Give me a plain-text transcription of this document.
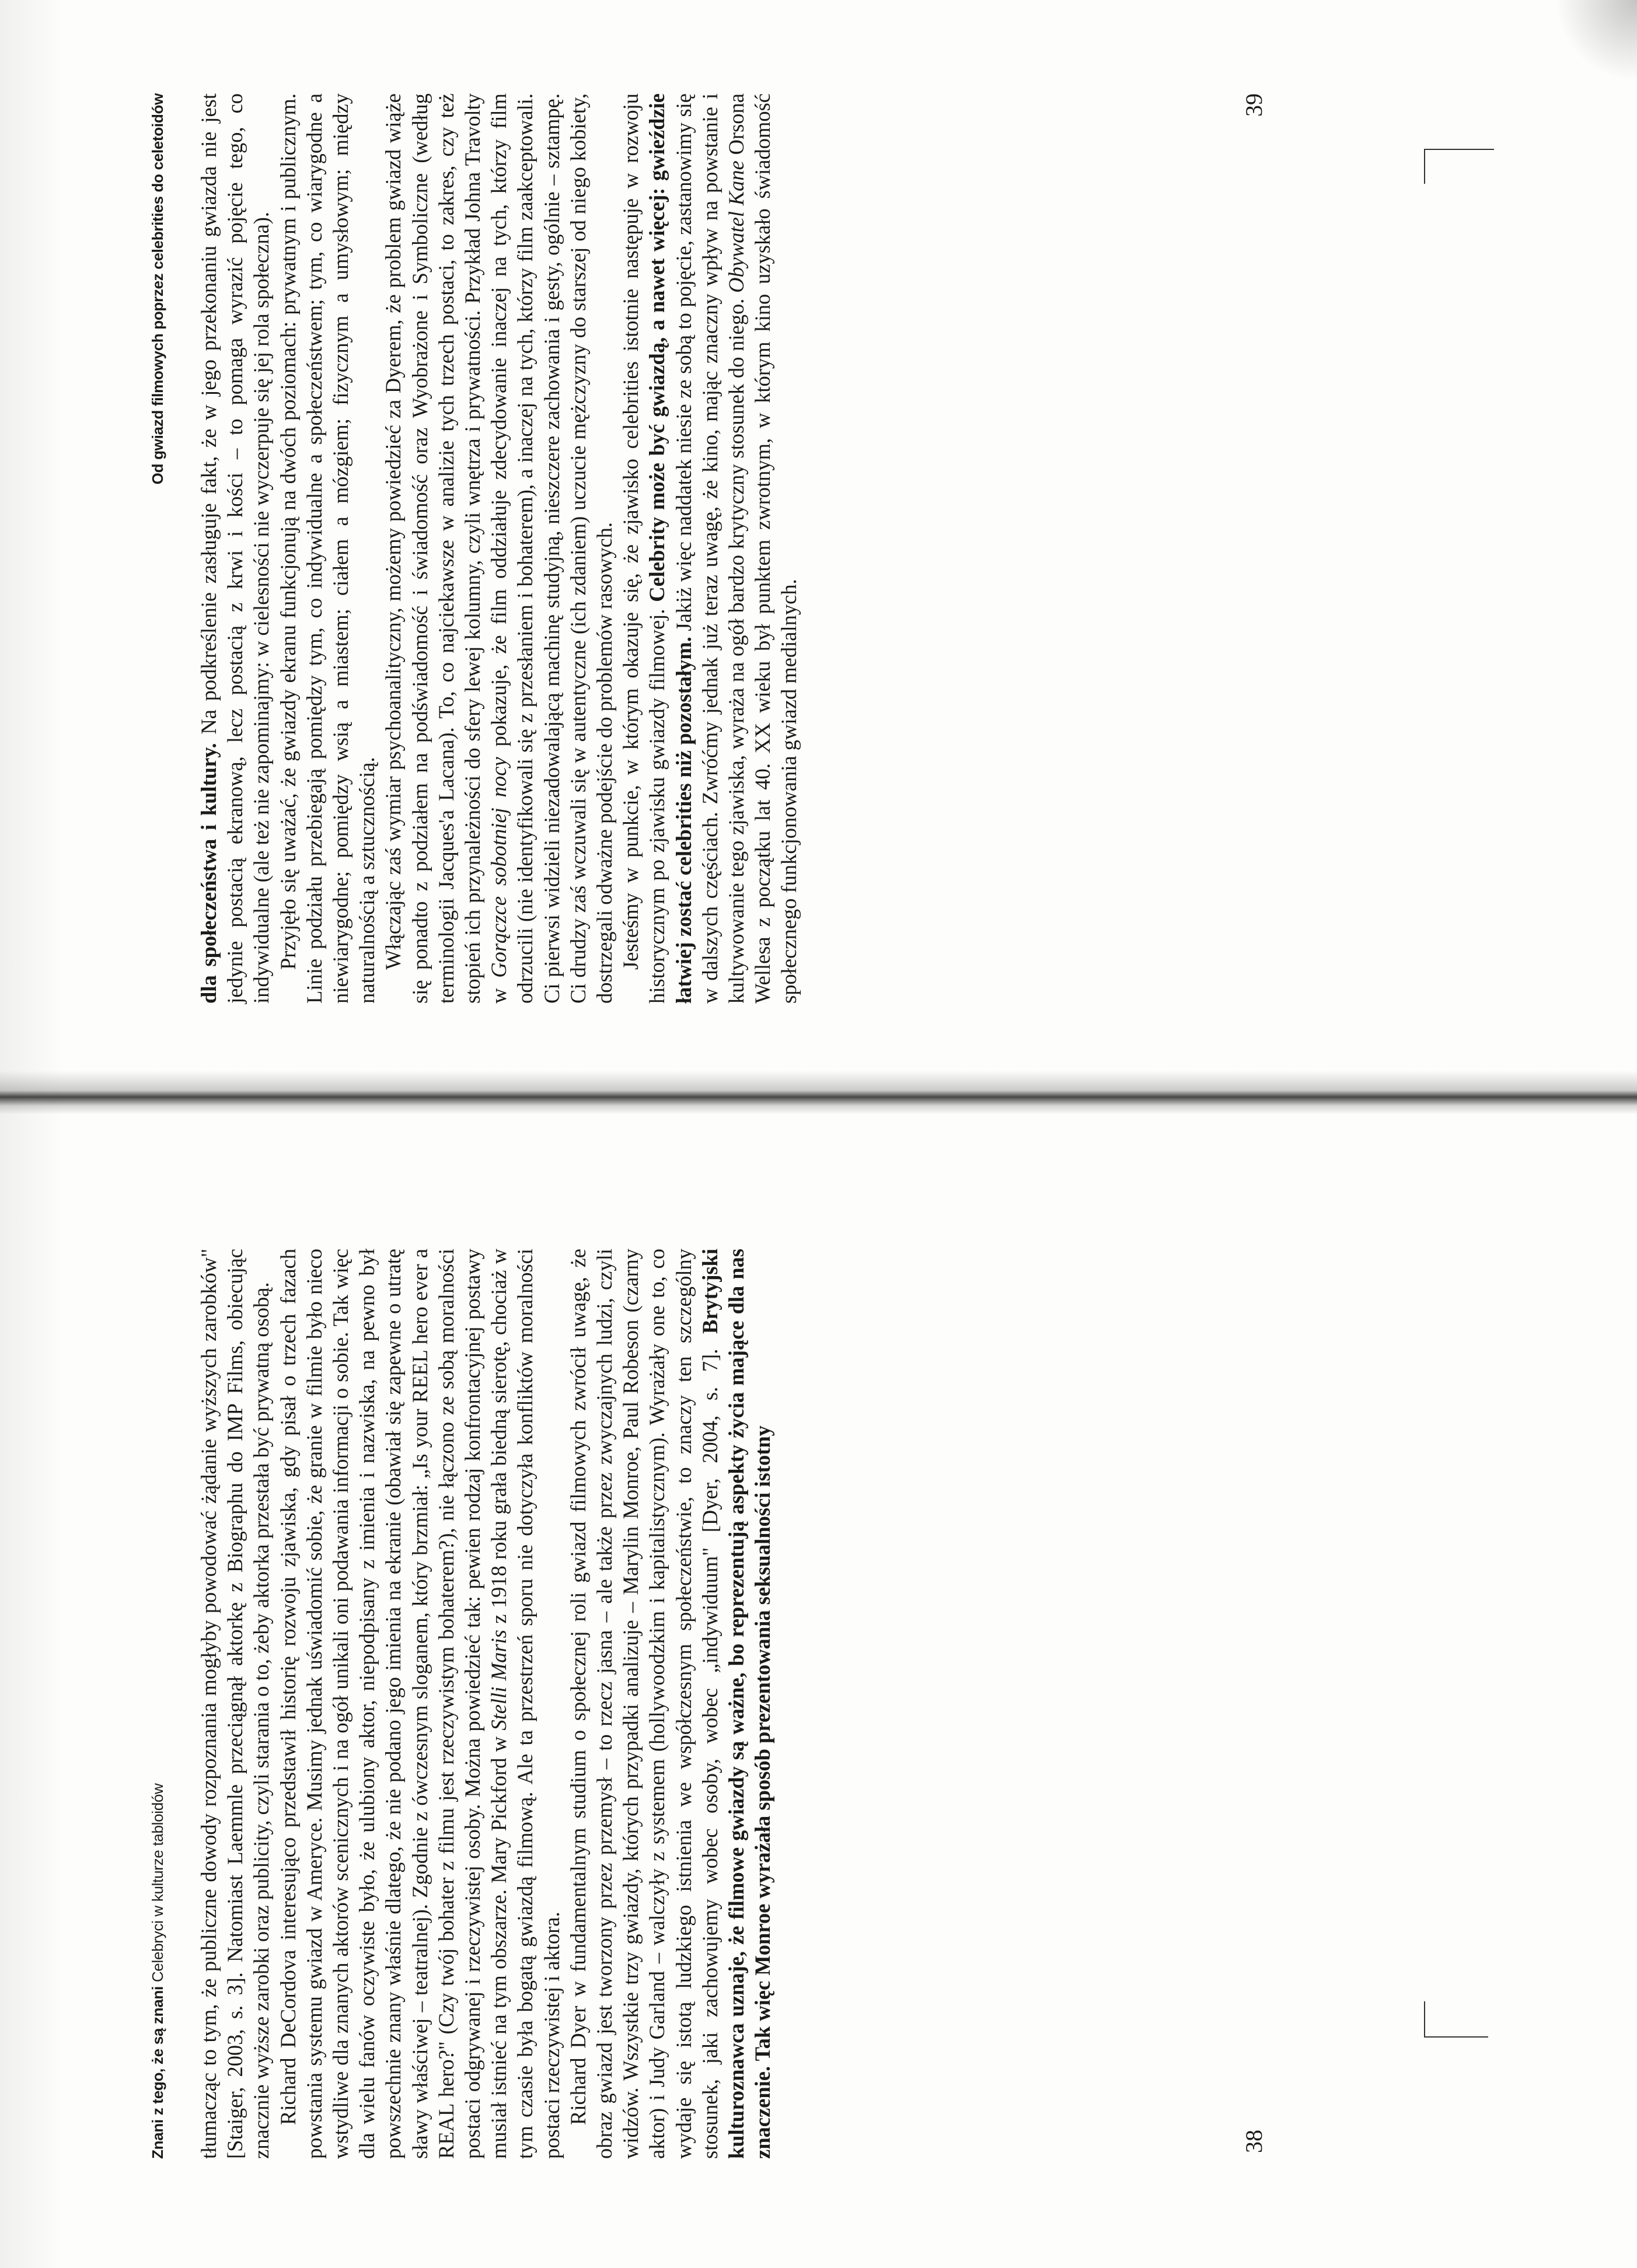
Od gwiazd filmowych poprzez celebrities do celetoidów

dla społeczeństwa i kultury. Na podkreślenie zasługuje fakt, że w jego przekonaniu gwiazda nie jest jedynie postacią ekranową, lecz postacią z krwi i kości – to pomaga wyrazić pojęcie tego, co indywidualne (ale też nie zapominajmy: w cielesności nie wyczerpuje się jej rola społeczna). Przyjęło się uważać, że gwiazdy ekranu funkcjonują na dwóch poziomach: prywatnym i publicznym. Linie podziału przebiegają pomiędzy tym, co indywidualne a społeczeństwem; tym, co wiarygodne a niewiarygodne; pomiędzy wsią a miastem; ciałem a mózgiem; fizycznym a umysłowym; między naturalnością a sztucznością. Włączając zaś wymiar psychoanalityczny, możemy powiedzieć za Dyerem, że problem gwiazd wiąże się ponadto z podziałem na podświadomość i świadomość oraz Wyobrażone i Symboliczne (według terminologii Jacques'a Lacana). To, co najciekawsze w analizie tych trzech postaci, to zakres, czy też stopień ich przynależności do sfery lewej kolumny, czyli wnętrza i prywatności. Przykład Johna Travolty w Gorączce sobotniej nocy pokazuje, że film oddziałuje zdecydowanie inaczej na tych, którzy film odrzucili (nie identyfikowali się z przesłaniem i bohaterem), a inaczej na tych, którzy film zaakceptowali. Ci pierwsi widzieli niezadowalającą machinę studyjną, nieszczere zachowania i gesty, ogólnie – sztampę. Ci drudzy zaś wczuwali się w autentyczne (ich zdaniem) uczucie mężczyzny do starszej od niego kobiety, dostrzegali odważne podejście do problemów rasowych. Jesteśmy w punkcie, w którym okazuje się, że zjawisko celebrities istotnie następuje w rozwoju historycznym po zjawisku gwiazdy filmowej. Celebrity może być gwiazdą, a nawet więcej: gwieździe łatwiej zostać celebrities niż pozostałym. Jakiż więc naddatek niesie ze sobą to pojęcie, zastanowimy się w dalszych częściach. Zwróćmy jednak już teraz uwagę, że kino, mając znaczny wpływ na powstanie i kultywowanie tego zjawiska, wyraża na ogół bardzo krytyczny stosunek do niego. Obywatel Kane Orsona Wellesa z początku lat 40. XX wieku był punktem zwrotnym, w którym kino uzyskało świadomość społecznego funkcjonowania gwiazd medialnych.

39
Znani z tego, że są znani Celebryci w kulturze tabloidów tłumacząc to tym, że publiczne dowody rozpoznania mogłyby powodować żądanie wyższych zarobków" [Staiger, 2003, s. 3]. Natomiast Laemmle przeciągnął aktorkę z Biographu do IMP Films, obiecując znacznie wyższe zarobki oraz publicity, czyli starania o to, żeby aktorka przestała być prywatną osobą. Richard DeCordova interesująco przedstawił historię rozwoju zjawiska, gdy pisał o trzech fazach powstania systemu gwiazd w Ameryce. Musimy jednak uświadomić sobie, że granie w filmie było nieco wstydliwe dla znanych aktorów scenicznych i na ogół unikali oni podawania informacji o sobie. Tak więc dla wielu fanów oczywiste było, że ulubiony aktor, niepodpisany z imienia i nazwiska, na pewno był powszechnie znany właśnie dlatego, że nie podano jego imienia na ekranie (obawiał się zapewne o utratę sławy właściwej – teatralnej). Zgodnie z ówczesnym sloganem, który brzmiał: „Is your REEL hero ever a REAL hero?" (Czy twój bohater z filmu jest rzeczywistym bohaterem?), nie łączono ze sobą moralności postaci odgrywanej i rzeczywistej osoby. Można powiedzieć tak: pewien rodzaj konfrontacyjnej postawy musiał istnieć na tym obszarze. Mary Pickford w Stelli Maris z 1918 roku grała biedną sierotę, chociaż w tym czasie była bogatą gwiazdą filmową. Ale ta przestrzeń sporu nie dotyczyła konfliktów moralności postaci rzeczywistej i aktora. Richard Dyer w fundamentalnym studium o społecznej roli gwiazd filmowych zwrócił uwagę, że obraz gwiazd jest tworzony przez przemysł – to rzecz jasna – ale także przez zwyczajnych ludzi, czyli widzów. Wszystkie trzy gwiazdy, których przypadki analizuje – Marylin Monroe, Paul Robeson (czarny aktor) i Judy Garland – walczyły z systemem (hollywoodzkim i kapitalistycznym). Wyrażały one to, co wydaje się istotą ludzkiego istnienia we współczesnym społeczeństwie, to znaczy ten szczególny stosunek, jaki zachowujemy wobec osoby, wobec „indywiduum" [Dyer, 2004, s. 7]. Brytyjski kulturoznawca uznaje, że filmowe gwiazdy są ważne, bo reprezentują aspekty życia mające dla nas znaczenie. Tak więc Monroe wyrażała sposób prezentowania seksualności istotny	38
